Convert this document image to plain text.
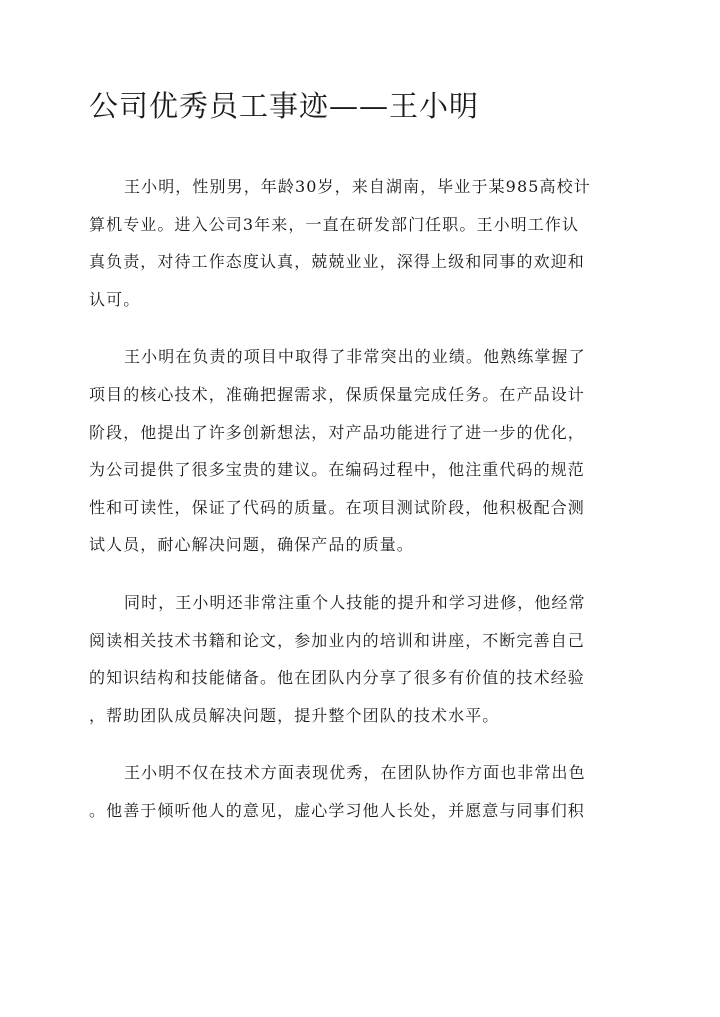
公司优秀员工事迹——王小明
王小明，性别男，年龄30岁，来自湖南，毕业于某985高校计
算机专业。进入公司3年来，一直在研发部门任职。王小明工作认
真负责，对待工作态度认真，兢兢业业，深得上级和同事的欢迎和
认可。
王小明在负责的项目中取得了非常突出的业绩。他熟练掌握了
项目的核心技术，准确把握需求，保质保量完成任务。在产品设计
阶段，他提出了许多创新想法，对产品功能进行了进一步的优化，
为公司提供了很多宝贵的建议。在编码过程中，他注重代码的规范
性和可读性，保证了代码的质量。在项目测试阶段，他积极配合测
试人员，耐心解决问题，确保产品的质量。
同时，王小明还非常注重个人技能的提升和学习进修，他经常
阅读相关技术书籍和论文，参加业内的培训和讲座，不断完善自己
的知识结构和技能储备。他在团队内分享了很多有价值的技术经验
，帮助团队成员解决问题，提升整个团队的技术水平。
王小明不仅在技术方面表现优秀，在团队协作方面也非常出色
。他善于倾听他人的意见，虚心学习他人长处，并愿意与同事们积
